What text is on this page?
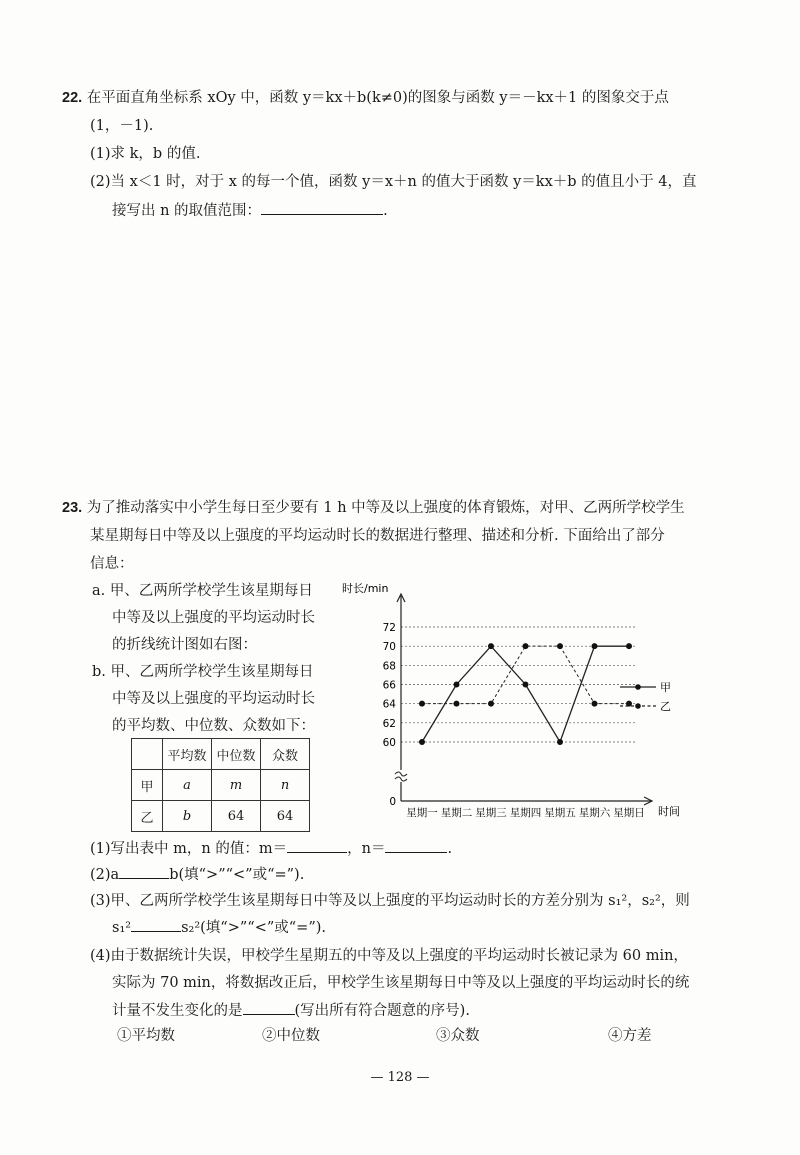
22. 在平面直角坐标系 xOy 中，函数 y＝kx＋b(k≠0)的图象与函数 y＝－kx＋1 的图象交于点
(1，－1).
(1)求 k，b 的值.
(2)当 x＜1 时，对于 x 的每一个值，函数 y＝x＋n 的值大于函数 y＝kx＋b 的值且小于 4，直
接写出 n 的取值范围：	.
23. 为了推动落实中小学生每日至少要有 1 h 中等及以上强度的体育锻炼，对甲、乙两所学校学生
某星期每日中等及以上强度的平均运动时长的数据进行整理、描述和分析. 下面给出了部分
信息：
a. 甲、乙两所学校学生该星期每日
中等及以上强度的平均运动时长
的折线统计图如右图：
b. 甲、乙两所学校学生该星期每日
中等及以上强度的平均运动时长
的平均数、中位数、众数如下：
	平均数	中位数	众数
甲	a	m	n
乙	b	64	64
时长/min
时间
0
60
62
64
66
68
70
72
星期一 星期二 星期三 星期四 星期五 星期六 星期日
甲
乙
(1)写出表中 m，n 的值：m＝	，n＝	.
(2)a	b(填“>”“<”或“=”).
(3)甲、乙两所学校学生该星期每日中等及以上强度的平均运动时长的方差分别为 s₁²，s₂²，则
s₁²	s₂²(填“>”“<”或“=”).
(4)由于数据统计失误，甲校学生星期五的中等及以上强度的平均运动时长被记录为 60 min，
实际为 70 min，将数据改正后，甲校学生该星期每日中等及以上强度的平均运动时长的统
计量不发生变化的是	(写出所有符合题意的序号).
①平均数	②中位数	③众数	④方差
— 128 —
